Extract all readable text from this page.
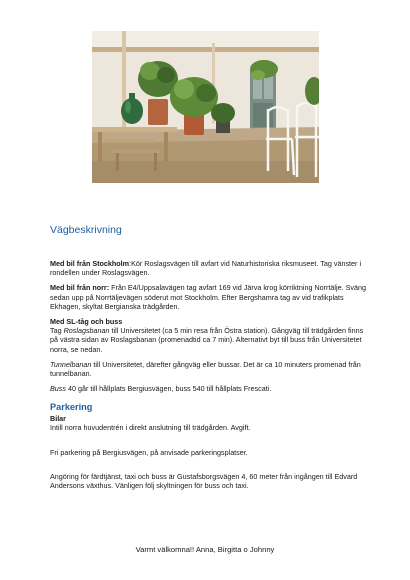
Vägbeskrivning

Med bil från Stockholm:Kör Roslagsvägen till avfart vid Naturhistoriska riksmuseet. Tag vänster i rondellen under Roslagsvägen.

Med bil från norr: Från E4/Uppsalavägen tag avfart 169 vid Järva krog körriktning Norrtälje. Sväng sedan upp på Norrtäljevägen söderut mot Stockholm. Efter Bergshamra tag av vid trafikplats Ekhagen, skyltat Bergianska trädgården.

Med SL-tåg och buss
Tag Roslagsbanan till Universitetet (ca 5 min resa från Östra station). Gångväg till trädgården finns på västra sidan av Roslagsbanan (promenadtid ca 7 min). Alternativt byt till buss från Universitetet norra, se nedan.

Tunnelbanan till Universitetet, därefter gångväg eller bussar. Det är ca 10 minuters promenad från tunnelbanan.

Buss 40 går till hållplats Bergiusvägen, buss 540 till hållplats Frescati.

Parkering
Bilar

Intill norra huvudentrén i direkt anslutning till trädgården. Avgift.

Fri parkering på Bergiusvägen, på anvisade parkeringsplatser.

Angöring för färdtjänst, taxi och buss är Gustafsborgsvägen 4, 60 meter från ingången till Edvard Andersons växthus. Vänligen följ skyltningen för buss och taxi.

Varmt välkomna!! Anna, Birgitta o Johnny
